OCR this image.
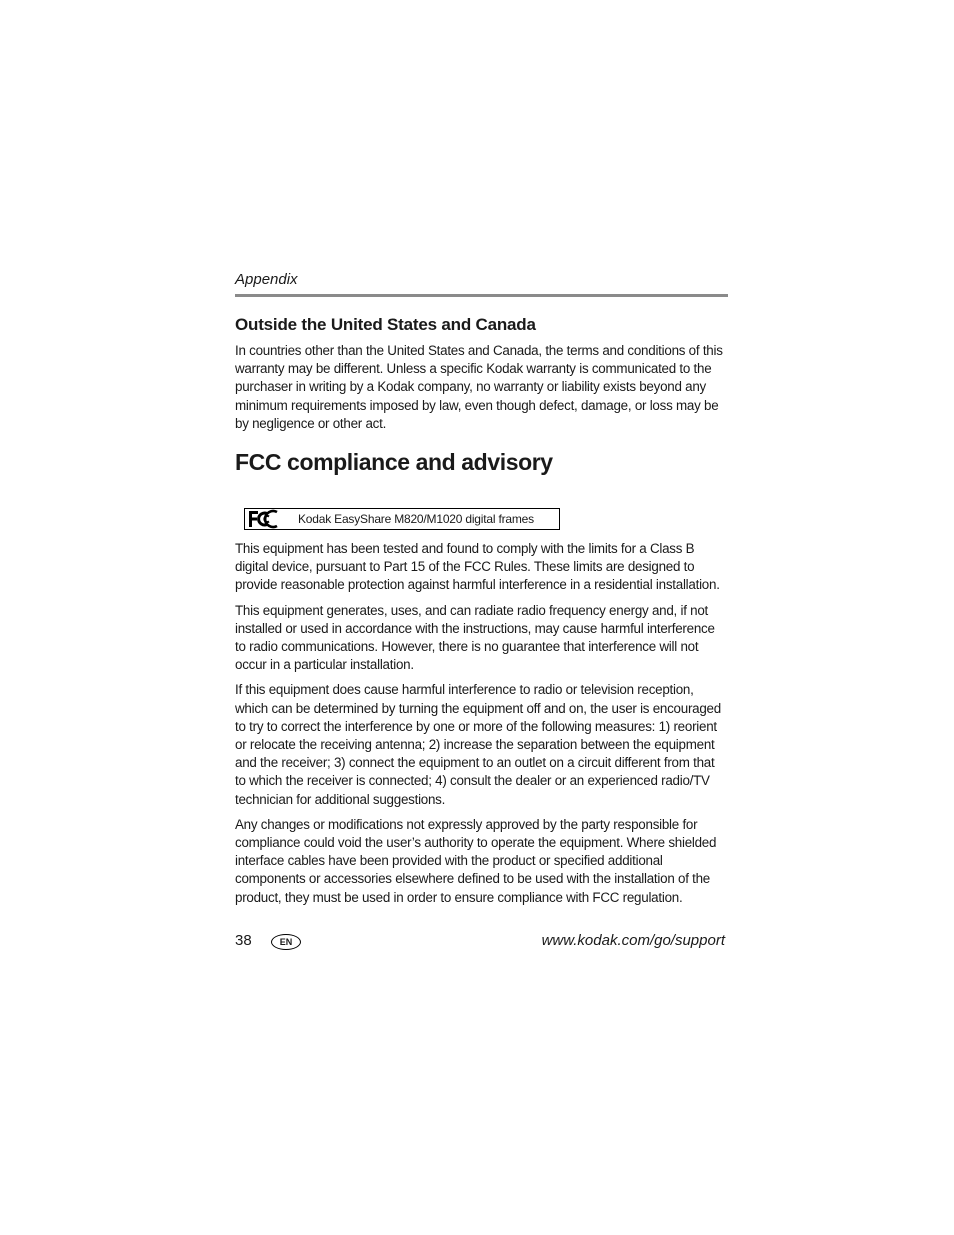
Appendix

Outside the United States and Canada

In countries other than the United States and Canada, the terms and conditions of this warranty may be different. Unless a specific Kodak warranty is communicated to the purchaser in writing by a Kodak company, no warranty or liability exists beyond any minimum requirements imposed by law, even though defect, damage, or loss may be by negligence or other act.

FCC compliance and advisory
Kodak EasyShare M820/M1020 digital frames

This equipment has been tested and found to comply with the limits for a Class B digital device, pursuant to Part 15 of the FCC Rules. These limits are designed to provide reasonable protection against harmful interference in a residential installation.

This equipment generates, uses, and can radiate radio frequency energy and, if not installed or used in accordance with the instructions, may cause harmful interference to radio communications. However, there is no guarantee that interference will not occur in a particular installation.

If this equipment does cause harmful interference to radio or television reception, which can be determined by turning the equipment off and on, the user is encouraged to try to correct the interference by one or more of the following measures: 1) reorient or relocate the receiving antenna; 2) increase the separation between the equipment and the receiver; 3) connect the equipment to an outlet on a circuit different from that to which the receiver is connected; 4) consult the dealer or an experienced radio/TV technician for additional suggestions.

Any changes or modifications not expressly approved by the party responsible for compliance could void the user’s authority to operate the equipment. Where shielded interface cables have been provided with the product or specified additional components or accessories elsewhere defined to be used with the installation of the product, they must be used in order to ensure compliance with FCC regulation.

38	EN	www.kodak.com/go/support
